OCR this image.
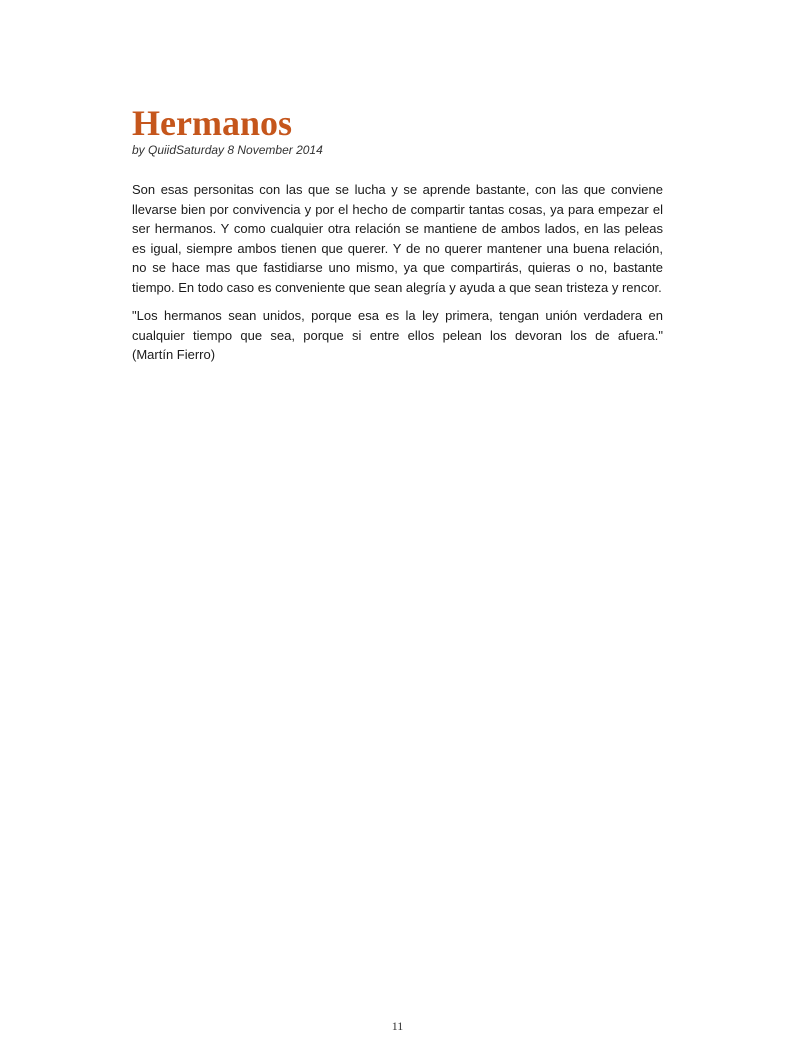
Hermanos

by QuiidSaturday 8 November 2014

Son esas personitas con las que se lucha y se aprende bastante, con las que conviene llevarse bien por convivencia y por el hecho de compartir tantas cosas, ya para empezar el ser hermanos. Y como cualquier otra relación se mantiene de ambos lados, en las peleas es igual, siempre ambos tienen que querer. Y de no querer mantener una buena relación, no se hace mas que fastidiarse uno mismo, ya que compartirás, quieras o no, bastante tiempo. En todo caso es conveniente que sean alegría y ayuda a que sean tristeza y rencor.

"Los hermanos sean unidos, porque esa es la ley primera, tengan unión verdadera en cualquier tiempo que sea, porque si entre ellos pelean los devoran los de afuera."
(Martín Fierro)

11
